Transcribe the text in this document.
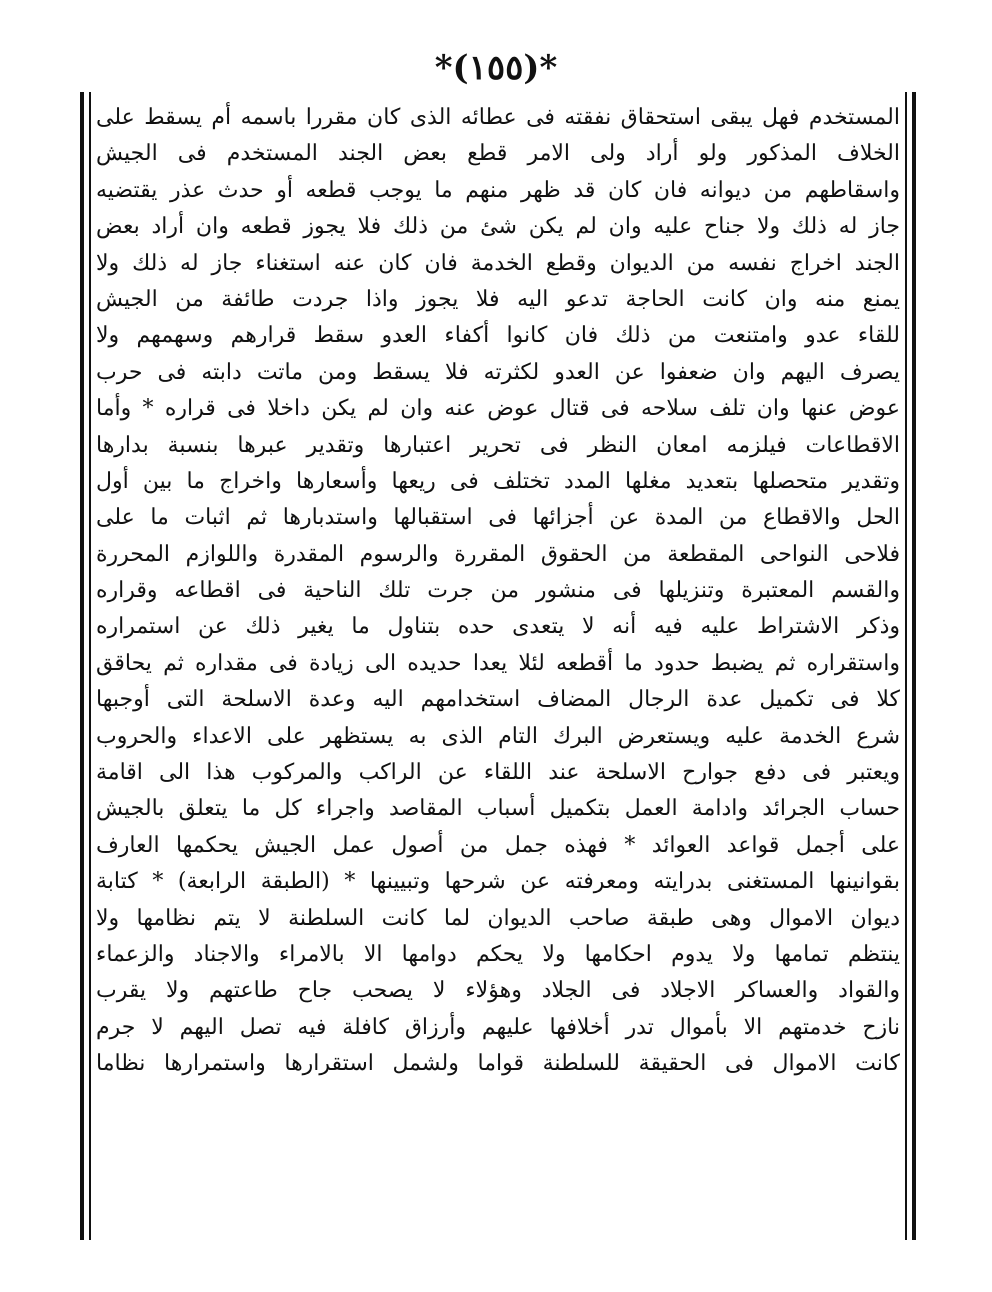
*(١٥٥)*
المستخدم فهل يبقى استحقاق نفقته فى عطائه الذى كان مقررا باسمه أم يسقط على
الخلاف المذكور ولو أراد ولى الامر قطع بعض الجند المستخدم فى الجيش
واسقاطهم من ديوانه فان كان قد ظهر منهم ما يوجب قطعه أو حدث عذر يقتضيه
جاز له ذلك ولا جناح عليه وان لم يكن شئ من ذلك فلا يجوز قطعه وان أراد بعض
الجند اخراج نفسه من الديوان وقطع الخدمة فان كان عنه استغناء جاز له ذلك ولا
يمنع منه وان كانت الحاجة تدعو اليه فلا يجوز واذا جردت طائفة من الجيش
للقاء عدو وامتنعت من ذلك فان كانوا أكفاء العدو سقط قرارهم وسهمهم ولا
يصرف اليهم وان ضعفوا عن العدو لكثرته فلا يسقط ومن ماتت دابته فى حرب
عوض عنها وان تلف سلاحه فى قتال عوض عنه وان لم يكن داخلا فى قراره * وأما
الاقطاعات فيلزمه امعان النظر فى تحرير اعتبارها وتقدير عبرها بنسبة بدارها
وتقدير متحصلها بتعديد مغلها المدد تختلف فى ريعها وأسعارها واخراج ما بين أول
الحل والاقطاع من المدة عن أجزائها فى استقبالها واستدبارها ثم اثبات ما على
فلاحى النواحى المقطعة من الحقوق المقررة والرسوم المقدرة واللوازم المحررة
والقسم المعتبرة وتنزيلها فى منشور من جرت تلك الناحية فى اقطاعه وقراره
وذكر الاشتراط عليه فيه أنه لا يتعدى حده بتناول ما يغير ذلك عن استمراره
واستقراره ثم يضبط حدود ما أقطعه لئلا يعدا حديده الى زيادة فى مقداره ثم يحاقق
كلا فى تكميل عدة الرجال المضاف استخدامهم اليه وعدة الاسلحة التى أوجبها
شرع الخدمة عليه ويستعرض البرك التام الذى به يستظهر على الاعداء والحروب
ويعتبر فى دفع جوارح الاسلحة عند اللقاء عن الراكب والمركوب هذا الى اقامة
حساب الجرائد وادامة العمل بتكميل أسباب المقاصد واجراء كل ما يتعلق بالجيش
على أجمل قواعد العوائد * فهذه جمل من أصول عمل الجيش يحكمها العارف
بقوانينها المستغنى بدرايته ومعرفته عن شرحها وتبيينها * (الطبقة الرابعة) * كتابة
ديوان الاموال وهى طبقة صاحب الديوان لما كانت السلطنة لا يتم نظامها ولا
ينتظم تمامها ولا يدوم احكامها ولا يحكم دوامها الا بالامراء والاجناد والزعماء
والقواد والعساكر الاجلاد فى الجلاد وهؤلاء لا يصحب جاح طاعتهم ولا يقرب
نازح خدمتهم الا بأموال تدر أخلافها عليهم وأرزاق كافلة فيه تصل اليهم لا جرم
كانت الاموال فى الحقيقة للسلطنة قواما ولشمل استقرارها واستمرارها نظاما
